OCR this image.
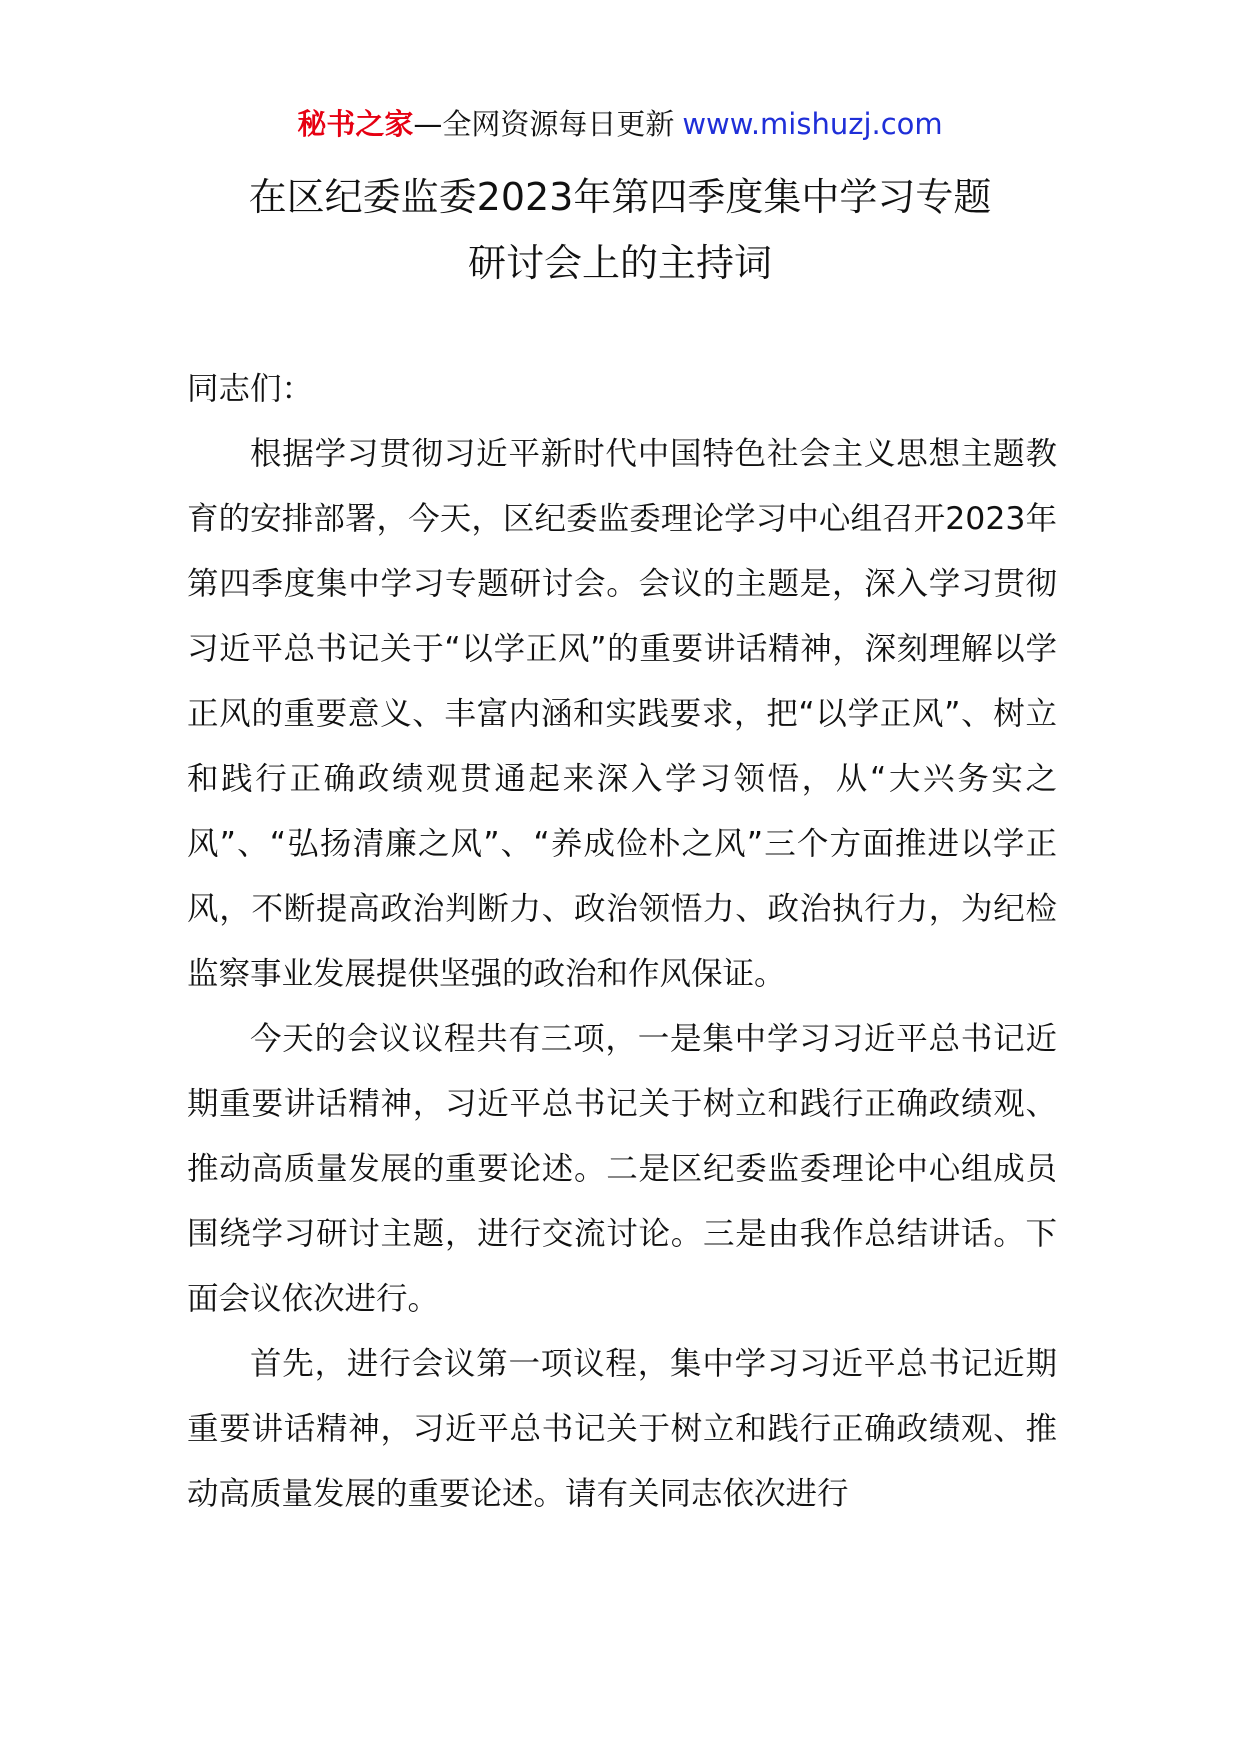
秘书之家—全网资源每日更新 www.mishuzj.com
在区纪委监委2023年第四季度集中学习专题
研讨会上的主持词

同志们：

根据学习贯彻习近平新时代中国特色社会主义思想主题教育的安排部署，今天，区纪委监委理论学习中心组召开2023年第四季度集中学习专题研讨会。会议的主题是，深入学习贯彻习近平总书记关于“以学正风”的重要讲话精神，深刻理解以学正风的重要意义、丰富内涵和实践要求，把“以学正风”、树立和践行正确政绩观贯通起来深入学习领悟，从“大兴务实之风”、“弘扬清廉之风”、“养成俭朴之风”三个方面推进以学正风，不断提高政治判断力、政治领悟力、政治执行力，为纪检监察事业发展提供坚强的政治和作风保证。

今天的会议议程共有三项，一是集中学习习近平总书记近期重要讲话精神，习近平总书记关于树立和践行正确政绩观、推动高质量发展的重要论述。二是区纪委监委理论中心组成员围绕学习研讨主题，进行交流讨论。三是由我作总结讲话。下面会议依次进行。

首先，进行会议第一项议程，集中学习习近平总书记近期重要讲话精神，习近平总书记关于树立和践行正确政绩观、推动高质量发展的重要论述。请有关同志依次进行
